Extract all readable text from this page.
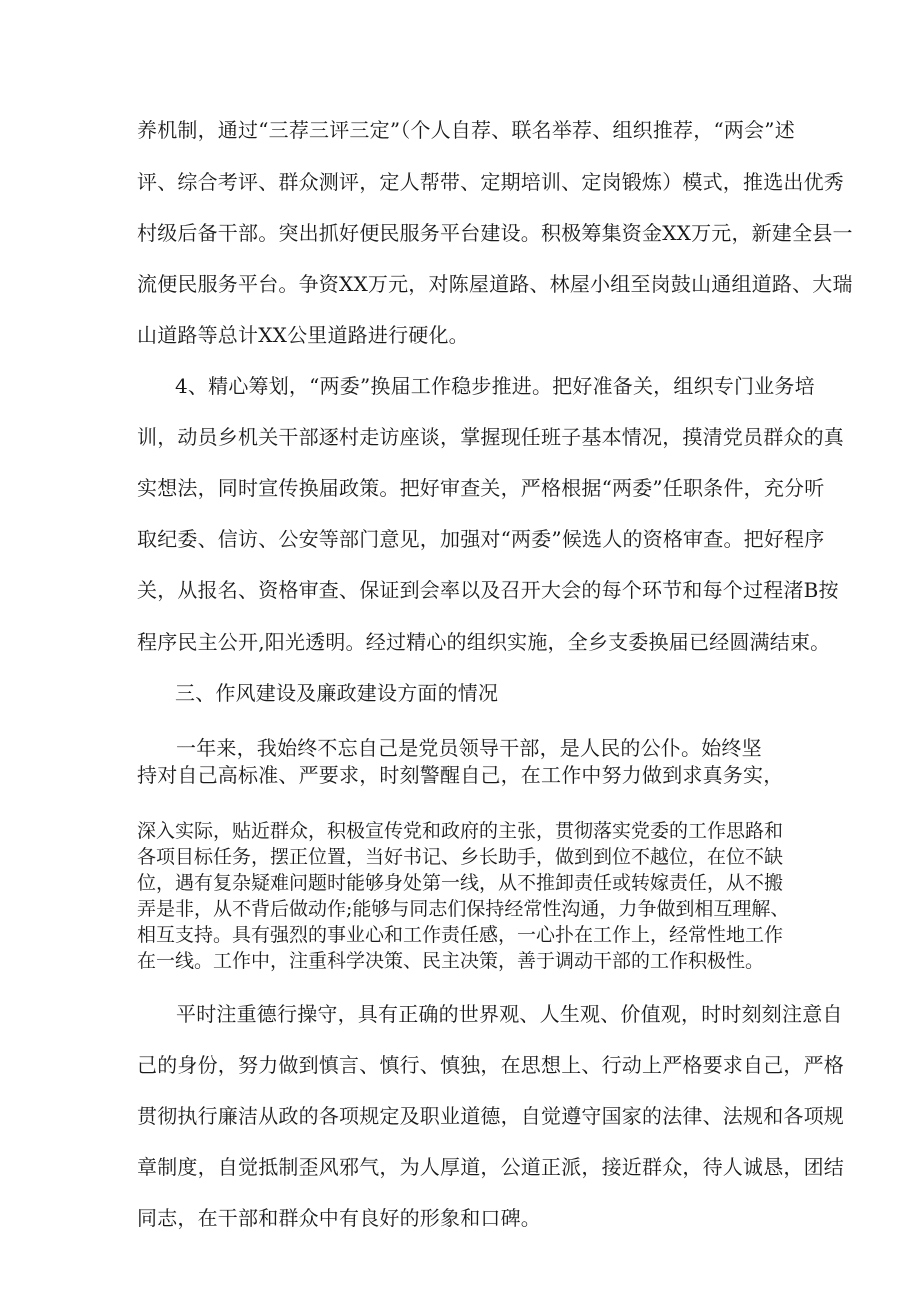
养机制，通过“三荐三评三定”（个人自荐、联名举荐、组织推荐，“两会”述
评、综合考评、群众测评，定人帮带、定期培训、定岗锻炼）模式，推选出优秀
村级后备干部。突出抓好便民服务平台建设。积极筹集资金XX万元，新建全县一
流便民服务平台。争资XX万元，对陈屋道路、林屋小组至岗鼓山通组道路、大瑞
山道路等总计XX公里道路进行硬化。
4、精心筹划，“两委”换届工作稳步推进。把好准备关，组织专门业务培
训，动员乡机关干部逐村走访座谈，掌握现任班子基本情况，摸清党员群众的真
实想法，同时宣传换届政策。把好审查关，严格根据“两委”任职条件，充分听
取纪委、信访、公安等部门意见，加强对“两委”候选人的资格审查。把好程序
关，从报名、资格审查、保证到会率以及召开大会的每个环节和每个过程渚B按
程序民主公开,阳光透明。经过精心的组织实施，全乡支委换届已经圆满结束。
三、作风建设及廉政建设方面的情况
一年来，我始终不忘自己是党员领导干部，是人民的公仆。始终坚
持对自己高标准、严要求，时刻警醒自己，在工作中努力做到求真务实，
深入实际，贴近群众，积极宣传党和政府的主张，贯彻落实党委的工作思路和各项目标任务，摆正位置，当好书记、乡长助手，做到到位不越位，在位不缺位，遇有复杂疑难问题时能够身处第一线，从不推卸责任或转嫁责任，从不搬弄是非，从不背后做动作;能够与同志们保持经常性沟通，力争做到相互理解、相互支持。具有强烈的事业心和工作责任感，一心扑在工作上，经常性地工作在一线。工作中，注重科学决策、民主决策，善于调动干部的工作积极性。
平时注重德行操守，具有正确的世界观、人生观、价值观，时时刻刻注意自
己的身份，努力做到慎言、慎行、慎独，在思想上、行动上严格要求自己，严格
贯彻执行廉洁从政的各项规定及职业道德，自觉遵守国家的法律、法规和各项规
章制度，自觉抵制歪风邪气，为人厚道，公道正派，接近群众，待人诚恳，团结
同志，在干部和群众中有良好的形象和口碑。
